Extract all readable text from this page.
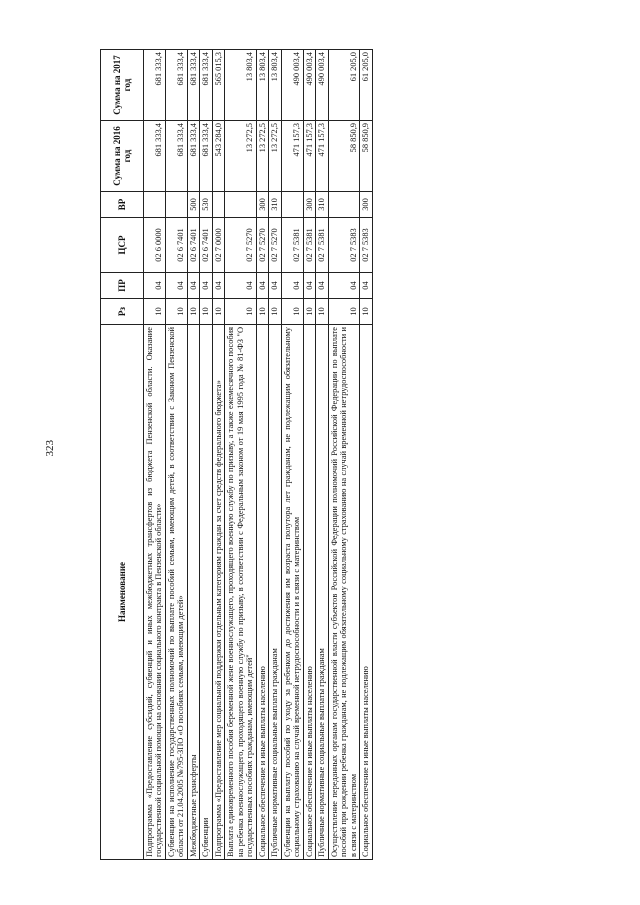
323
Наименование	Рз	ПР	ЦСР	ВР	Сумма на 2016 год	Сумма на 2017 год
Подпрограмма «Предоставление субсидий, субвенций и иных межбюджетных трансфертов из бюджета Пензенской области. Оказание государственной социальной помощи на основании социального контракта в Пензенской области»	10	04	02 6 0000		681 333,4	681 333,4
Субвенции на исполнение государственных полномочий по выплате пособий семьям, имеющим детей, в соответствии с Законом Пензенской области от 21.04.2005 №795-ЗПО «О пособиях семьям, имеющим детей»	10	04	02 6 7401		681 333,4	681 333,4
Межбюджетные трансферты	10	04	02 6 7401	500	681 333,4	681 333,4
Субвенции	10	04	02 6 7401	530	681 333,4	681 333,4
Подпрограмма «Предоставление мер социальной поддержки отдельным категориям граждан за счет средств федерального бюджета»	10	04	02 7 0000		543 284,0	565 015,3
Выплата единовременного пособия беременной жене военнослужащего, проходящего военную службу по призыву, а также ежемесячного пособия на ребенка военнослужащего, проходящего военную службу по призыву, в соответствии с Федеральным законом от 19 мая 1995 года № 81-ФЗ "О государственных пособиях гражданам, имеющим детей"	10	04	02 7 5270		13 272,5	13 803,4
Социальное обеспечение и иные выплаты населению	10	04	02 7 5270	300	13 272,5	13 803,4
Публичные нормативные социальные выплаты гражданам	10	04	02 7 5270	310	13 272,5	13 803,4
Субвенции на выплату пособий по уходу за ребенком до достижения им возраста полутора лет гражданам, не подлежащим обязательному социальному страхованию на случай временной нетрудоспособности и в связи с материнством	10	04	02 7 5381		471 157,3	490 003,4
Социальное обеспечение и иные выплаты населению	10	04	02 7 5381	300	471 157,3	490 003,4
Публичные нормативные социальные выплаты гражданам	10	04	02 7 5381	310	471 157,3	490 003,4
Осуществление переданных органам государственной власти субъектов Российской Федерации полномочий Российской Федерации по выплате пособий при рождении ребенка гражданам, не подлежащим обязательному социальному страхованию на случай временной нетрудоспособности и в связи с материнством	10	04	02 7 5383		58 850,9	61 205,0
Социальное обеспечение и иные выплаты населению	10	04	02 7 5383	300	58 850,9	61 205,0
